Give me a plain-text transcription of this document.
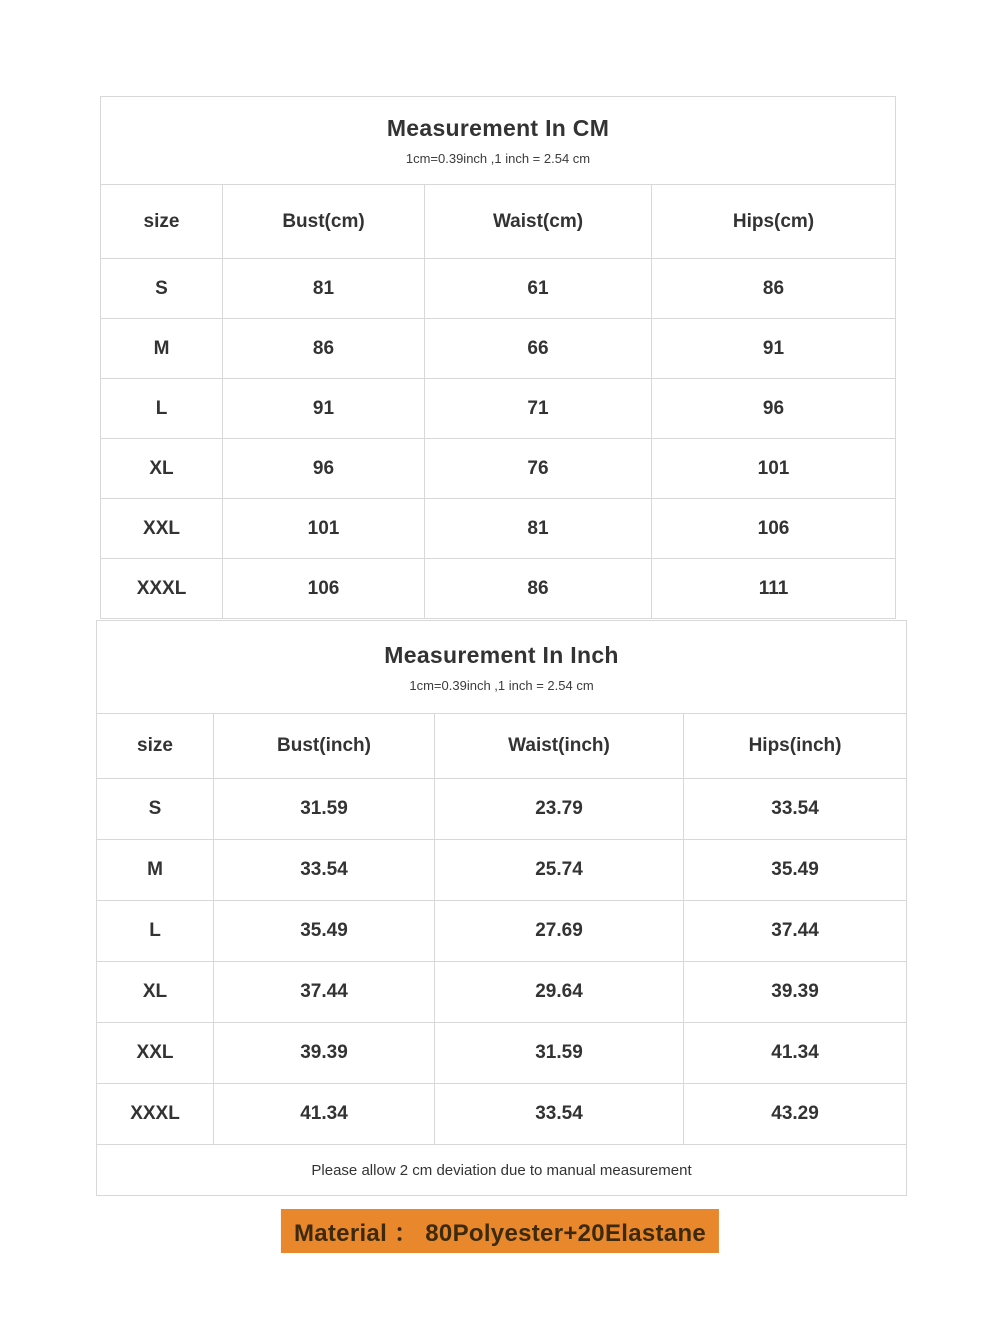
Measurement In CM
1cm=0.39inch ,1 inch = 2.54 cm			

size	Bust(cm)	Waist(cm)	Hips(cm)
S	81	61	86
M	86	66	91
L	91	71	96
XL	96	76	101
XXL	101	81	106
XXXL	106	86	111
Measurement In Inch
1cm=0.39inch ,1 inch = 2.54 cm			

size	Bust(inch)	Waist(inch)	Hips(inch)
S	31.59	23.79	33.54
M	33.54	25.74	35.49
L	35.49	27.69	37.44
XL	37.44	29.64	39.39
XXL	39.39	31.59	41.34
XXXL	41.34	33.54	43.29
Please allow 2 cm deviation due to manual measurement			
Material ： 80Polyester+20Elastane
